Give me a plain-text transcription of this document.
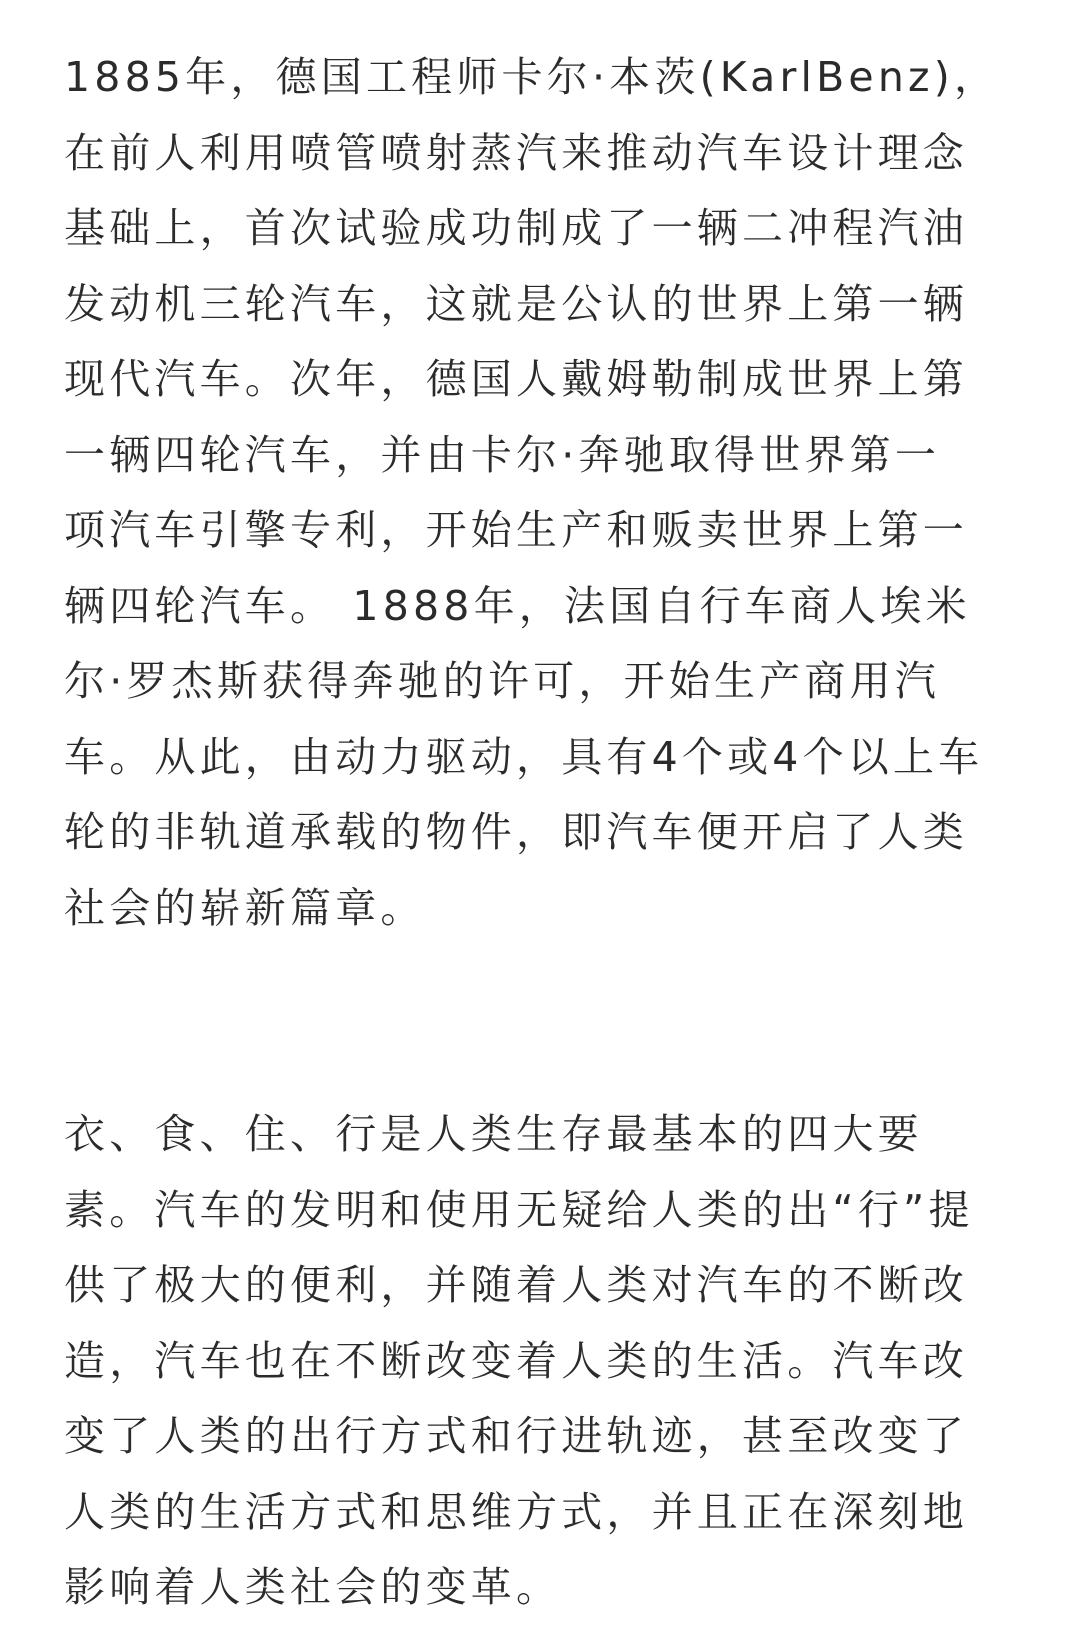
1885年，德国工程师卡尔·本茨(KarlBenz)，
在前人利用喷管喷射蒸汽来推动汽车设计理念
基础上，首次试验成功制成了一辆二冲程汽油
发动机三轮汽车，这就是公认的世界上第一辆
现代汽车。次年，德国人戴姆勒制成世界上第
一辆四轮汽车，并由卡尔·奔驰取得世界第一
项汽车引擎专利，开始生产和贩卖世界上第一
辆四轮汽车。 1888年，法国自行车商人埃米
尔·罗杰斯获得奔驰的许可，开始生产商用汽
车。从此，由动力驱动，具有4个或4个以上车
轮的非轨道承载的物件，即汽车便开启了人类
社会的崭新篇章。
衣、食、住、行是人类生存最基本的四大要
素。汽车的发明和使用无疑给人类的出“行”提
供了极大的便利，并随着人类对汽车的不断改
造，汽车也在不断改变着人类的生活。汽车改
变了人类的出行方式和行进轨迹，甚至改变了
人类的生活方式和思维方式，并且正在深刻地
影响着人类社会的变革。
